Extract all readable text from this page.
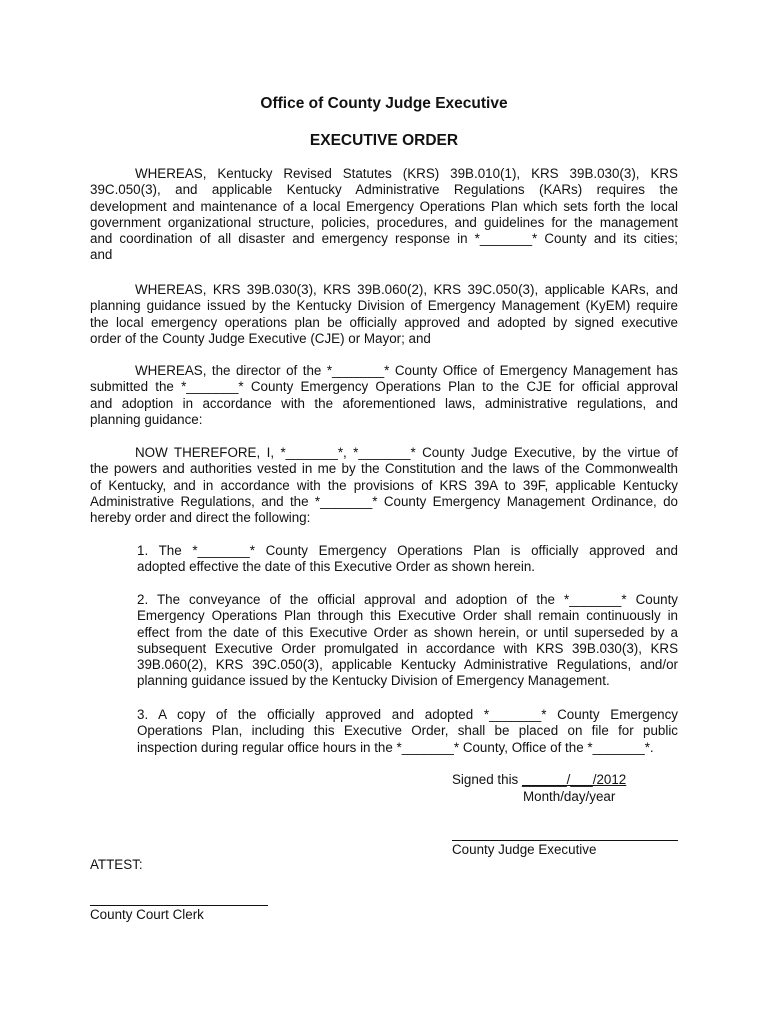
Office of County Judge Executive
EXECUTIVE ORDER

WHEREAS, Kentucky Revised Statutes (KRS) 39B.010(1), KRS 39B.030(3), KRS
39C.050(3), and applicable Kentucky Administrative Regulations (KARs) requires the
development and maintenance of a local Emergency Operations Plan which sets forth the local
government organizational structure, policies, procedures, and guidelines for the management
and coordination of all disaster and emergency response in *_______* County and its cities;
and

WHEREAS, KRS 39B.030(3), KRS 39B.060(2), KRS 39C.050(3), applicable KARs, and
planning guidance issued by the Kentucky Division of Emergency Management (KyEM) require
the local emergency operations plan be officially approved and adopted by signed executive
order of the County Judge Executive (CJE) or Mayor; and

WHEREAS, the director of the *_______* County Office of Emergency Management has
submitted the *_______* County Emergency Operations Plan to the CJE for official approval
and adoption in accordance with the aforementioned laws, administrative regulations, and
planning guidance:

NOW THEREFORE, I, *_______*, *_______* County Judge Executive, by the virtue of
the powers and authorities vested in me by the Constitution and the laws of the Commonwealth
of Kentucky, and in accordance with the provisions of KRS 39A to 39F, applicable Kentucky
Administrative Regulations, and the *_______* County Emergency Management Ordinance, do
hereby order and direct the following:

1. The *_______* County Emergency Operations Plan is officially approved and
adopted effective the date of this Executive Order as shown herein.

2. The conveyance of the official approval and adoption of the *_______* County
Emergency Operations Plan through this Executive Order shall remain continuously in
effect from the date of this Executive Order as shown herein, or until superseded by a
subsequent Executive Order promulgated in accordance with KRS 39B.030(3), KRS
39B.060(2), KRS 39C.050(3), applicable Kentucky Administrative Regulations, and/or
planning guidance issued by the Kentucky Division of Emergency Management.

3. A copy of the officially approved and adopted *_______* County Emergency
Operations Plan, including this Executive Order, shall be placed on file for public
inspection during regular office hours in the *_______* County, Office of the *_______*.

Signed this ______/___/2012
Month/day/year
County Judge Executive
ATTEST:
County Court Clerk
